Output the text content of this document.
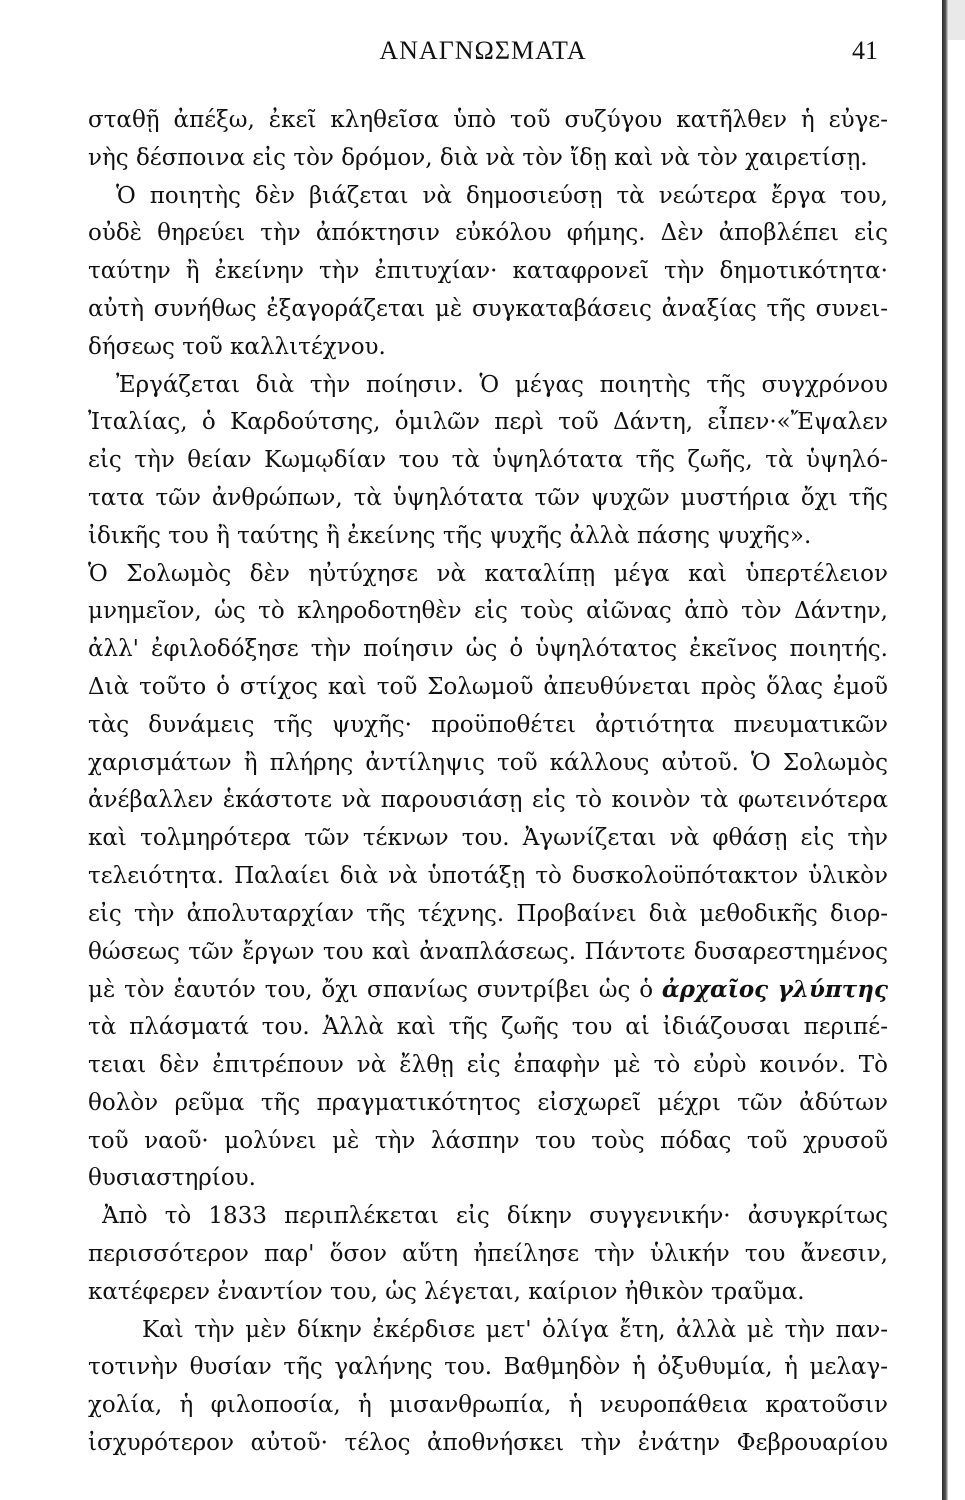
ΑΝΑΓΝΩΣΜΑΤΑ	41
σταθῇ ἀπέξω, ἐκεῖ κληθεῖσα ὑπὸ τοῦ συζύγου κατῆλθεν ἡ εὐγε-
νὴς δέσποινα εἰς τὸν δρόμον, διὰ νὰ τὸν ἴδῃ καὶ νὰ τὸν χαιρετίσῃ.
Ὁ ποιητὴς δὲν βιάζεται νὰ δημοσιεύσῃ τὰ νεώτερα ἔργα του,
οὐδὲ θηρεύει τὴν ἀπόκτησιν εὐκόλου φήμης. Δὲν ἀποβλέπει εἰς
ταύτην ἢ ἐκείνην τὴν ἐπιτυχίαν· καταφρονεῖ τὴν δημοτικότητα·
αὐτὴ συνήθως ἐξαγοράζεται μὲ συγκαταβάσεις ἀναξίας τῆς συνει-
δήσεως τοῦ καλλιτέχνου.
Ἐργάζεται διὰ τὴν ποίησιν. Ὁ μέγας ποιητὴς τῆς συγχρόνου
Ἰταλίας, ὁ Καρδούτσης, ὁμιλῶν περὶ τοῦ Δάντη, εἶπεν·«Ἔψαλεν
εἰς τὴν θείαν Κωμῳδίαν του τὰ ὑψηλότατα τῆς ζωῆς, τὰ ὑψηλό-
τατα τῶν ἀνθρώπων, τὰ ὑψηλότατα τῶν ψυχῶν μυστήρια ὄχι τῆς
ἰδικῆς του ἢ ταύτης ἢ ἐκείνης τῆς ψυχῆς ἀλλὰ πάσης ψυχῆς».
Ὁ Σολωμὸς δὲν ηὐτύχησε νὰ καταλίπῃ μέγα καὶ ὑπερτέλειον
μνημεῖον, ὡς τὸ κληροδοτηθὲν εἰς τοὺς αἰῶνας ἀπὸ τὸν Δάντην,
ἀλλ' ἐφιλοδόξησε τὴν ποίησιν ὡς ὁ ὑψηλότατος ἐκεῖνος ποιητής.
Διὰ τοῦτο ὁ στίχος καὶ τοῦ Σολωμοῦ ἀπευθύνεται πρὸς ὅλας ἐμοῦ
τὰς δυνάμεις τῆς ψυχῆς· προϋποθέτει ἀρτιότητα πνευματικῶν
χαρισμάτων ἢ πλήρης ἀντίληψις τοῦ κάλλους αὐτοῦ. Ὁ Σολωμὸς
ἀνέβαλλεν ἑκάστοτε νὰ παρουσιάσῃ εἰς τὸ κοινὸν τὰ φωτεινότερα
καὶ τολμηρότερα τῶν τέκνων του. Ἀγωνίζεται νὰ φθάσῃ εἰς τὴν
τελειότητα. Παλαίει διὰ νὰ ὑποτάξῃ τὸ δυσκολοϋπότακτον ὑλικὸν
εἰς τὴν ἀπολυταρχίαν τῆς τέχνης. Προβαίνει διὰ μεθοδικῆς διορ-
θώσεως τῶν ἔργων του καὶ ἀναπλάσεως. Πάντοτε δυσαρεστημένος
μὲ τὸν ἑαυτόν του, ὄχι σπανίως συντρίβει ὡς ὁ ἀρχαῖος γλύπτης
τὰ πλάσματά του. Ἀλλὰ καὶ τῆς ζωῆς του αἱ ἰδιάζουσαι περιπέ-
τειαι δὲν ἐπιτρέπουν νὰ ἔλθῃ εἰς ἐπαφὴν μὲ τὸ εὐρὺ κοινόν. Τὸ
θολὸν ρεῦμα τῆς πραγματικότητος εἰσχωρεῖ μέχρι τῶν ἀδύτων
τοῦ ναοῦ· μολύνει μὲ τὴν λάσπην του τοὺς πόδας τοῦ χρυσοῦ
θυσιαστηρίου.
Ἀπὸ τὸ 1833 περιπλέκεται εἰς δίκην συγγενικήν· ἀσυγκρίτως
περισσότερον παρ' ὅσον αὕτη ἠπείλησε τὴν ὑλικήν του ἄνεσιν,
κατέφερεν ἐναντίον του, ὡς λέγεται, καίριον ἠθικὸν τραῦμα.
Καὶ τὴν μὲν δίκην ἐκέρδισε μετ' ὀλίγα ἔτη, ἀλλὰ μὲ τὴν παν-
τοτινὴν θυσίαν τῆς γαλήνης του. Βαθμηδὸν ἡ ὀξυθυμία, ἡ μελαγ-
χολία, ἡ φιλοποσία, ἡ μισανθρωπία, ἡ νευροπάθεια κρατοῦσιν
ἰσχυρότερον αὐτοῦ· τέλος ἀποθνήσκει τὴν ἐνάτην Φεβρουαρίου
